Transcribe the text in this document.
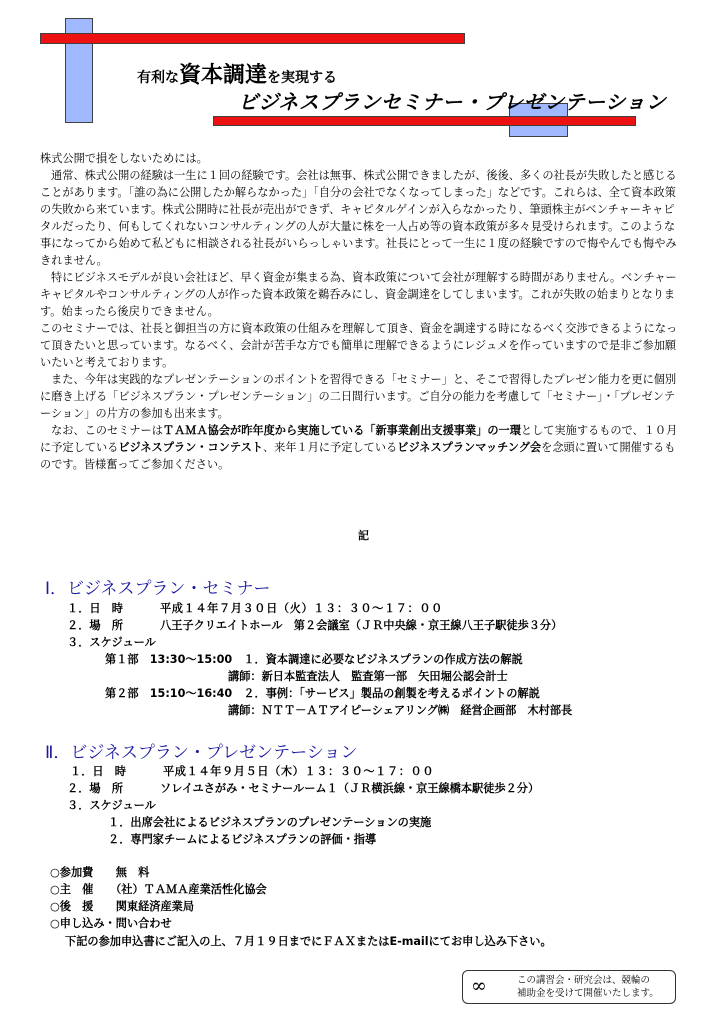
有利な資本調達を実現する
ビジネスプランセミナー・プレゼンテーション

株式公開で損をしないためには。

通常、株式公開の経験は一生に１回の経験です。会社は無事、株式公開できましたが、後後、多くの社長が失敗したと感じることがあります。「誰の為に公開したか解らなかった」「自分の会社でなくなってしまった」などです。これらは、全て資本政策の失敗から来ています。株式公開時に社長が売出ができず、キャピタルゲインが入らなかったり、筆頭株主がベンチャーキャピタルだったり、何もしてくれないコンサルティングの人が大量に株を一人占め等の資本政策が多々見受けられます。このような事になってから始めて私どもに相談される社長がいらっしゃいます。社長にとって一生に１度の経験ですので悔やんでも悔やみきれません。

特にビジネスモデルが良い会社ほど、早く資金が集まる為、資本政策について会社が理解する時間がありません。ベンチャーキャピタルやコンサルティングの人が作った資本政策を鵜呑みにし、資金調達をしてしまいます。これが失敗の始まりとなります。始まったら後戻りできません。

このセミナーでは、社長と御担当の方に資本政策の仕組みを理解して頂き、資金を調達する時になるべく交渉できるようになって頂きたいと思っています。なるべく、会計が苦手な方でも簡単に理解できるようにレジュメを作っていますので是非ご参加願いたいと考えております。

また、今年は実践的なプレゼンテーションのポイントを習得できる「セミナー」と、そこで習得したプレゼン能力を更に個別に磨き上げる「ビジネスプラン・プレゼンテーション」の二日間行います。ご自分の能力を考慮して「セミナー」・「プレゼンテーション」の片方の参加も出来ます。

なお、このセミナーはＴＡＭＡ協会が昨年度から実施している「新事業創出支援事業」の一環として実施するもので、１０月に予定しているビジネスプラン・コンテスト、来年１月に予定しているビジネスプランマッチング会を念頭に置いて開催するものです。皆様奮ってご参加ください。

記
Ⅰ．ビジネスプラン・セミナー
１．日　時	平成１４年７月３０日（火）１３：３０～１７：００
２．場　所	八王子クリエイトホール　第２会議室（ＪＲ中央線・京王線八王子駅徒歩３分）
３．スケジュール
第１部　13:30～15:00　１．資本調達に必要なビジネスプランの作成方法の解説
講師：新日本監査法人　監査第一部　矢田堀公認会計士
第２部　15:10～16:40　２．事例：「サービス」製品の創製を考えるポイントの解説
講師：ＮＴＴ－ＡＴアイピーシェアリング㈱　経営企画部　木村部長
Ⅱ．ビジネスプラン・プレゼンテーション
１．日　時	平成１４年９月５日（木）１３：３０～１７：００
２．場　所	ソレイユさがみ・セミナールーム１（ＪＲ横浜線・京王線橋本駅徒歩２分）
３．スケジュール
１．出席会社によるビジネスプランのプレゼンテーションの実施
２．専門家チームによるビジネスプランの評価・指導
○参加費　　無　料
○主　催　　（社）ＴＡＭＡ産業活性化協会
○後　援　　関東経済産業局
○申し込み・問い合わせ
下記の参加申込書にご記入の上、７月１９日までにＦＡＸまたはE-mailにてお申し込み下さい。
∞	この講習会・研究会は、競輪の
補助金を受けて開催いたします。
